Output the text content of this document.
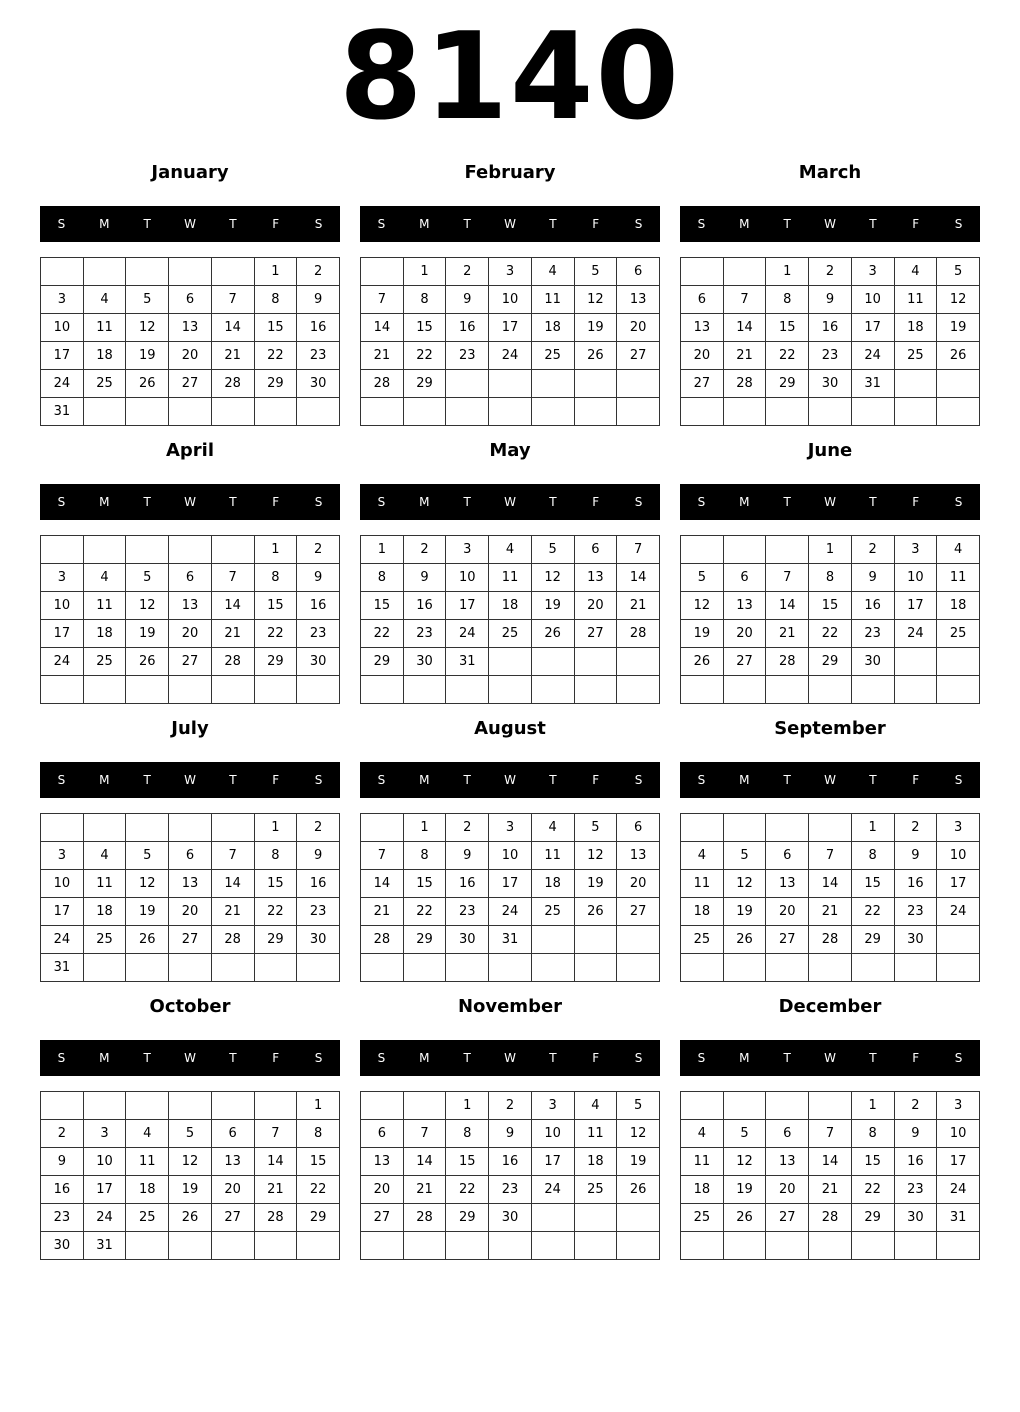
8140
January
S	M	T	W	T	F	S
					1	2
3	4	5	6	7	8	9
10	11	12	13	14	15	16
17	18	19	20	21	22	23
24	25	26	27	28	29	30
31						
February
S	M	T	W	T	F	S
	1	2	3	4	5	6
7	8	9	10	11	12	13
14	15	16	17	18	19	20
21	22	23	24	25	26	27
28	29					

March
S	M	T	W	T	F	S
		1	2	3	4	5
6	7	8	9	10	11	12
13	14	15	16	17	18	19
20	21	22	23	24	25	26
27	28	29	30	31		

April
S	M	T	W	T	F	S
					1	2
3	4	5	6	7	8	9
10	11	12	13	14	15	16
17	18	19	20	21	22	23
24	25	26	27	28	29	30

May
S	M	T	W	T	F	S
1	2	3	4	5	6	7
8	9	10	11	12	13	14
15	16	17	18	19	20	21
22	23	24	25	26	27	28
29	30	31				

June
S	M	T	W	T	F	S
			1	2	3	4
5	6	7	8	9	10	11
12	13	14	15	16	17	18
19	20	21	22	23	24	25
26	27	28	29	30		

July
S	M	T	W	T	F	S
					1	2
3	4	5	6	7	8	9
10	11	12	13	14	15	16
17	18	19	20	21	22	23
24	25	26	27	28	29	30
31						
August
S	M	T	W	T	F	S
	1	2	3	4	5	6
7	8	9	10	11	12	13
14	15	16	17	18	19	20
21	22	23	24	25	26	27
28	29	30	31			

September
S	M	T	W	T	F	S
				1	2	3
4	5	6	7	8	9	10
11	12	13	14	15	16	17
18	19	20	21	22	23	24
25	26	27	28	29	30	

October
S	M	T	W	T	F	S
						1
2	3	4	5	6	7	8
9	10	11	12	13	14	15
16	17	18	19	20	21	22
23	24	25	26	27	28	29
30	31					
November
S	M	T	W	T	F	S
		1	2	3	4	5
6	7	8	9	10	11	12
13	14	15	16	17	18	19
20	21	22	23	24	25	26
27	28	29	30			

December
S	M	T	W	T	F	S
				1	2	3
4	5	6	7	8	9	10
11	12	13	14	15	16	17
18	19	20	21	22	23	24
25	26	27	28	29	30	31
